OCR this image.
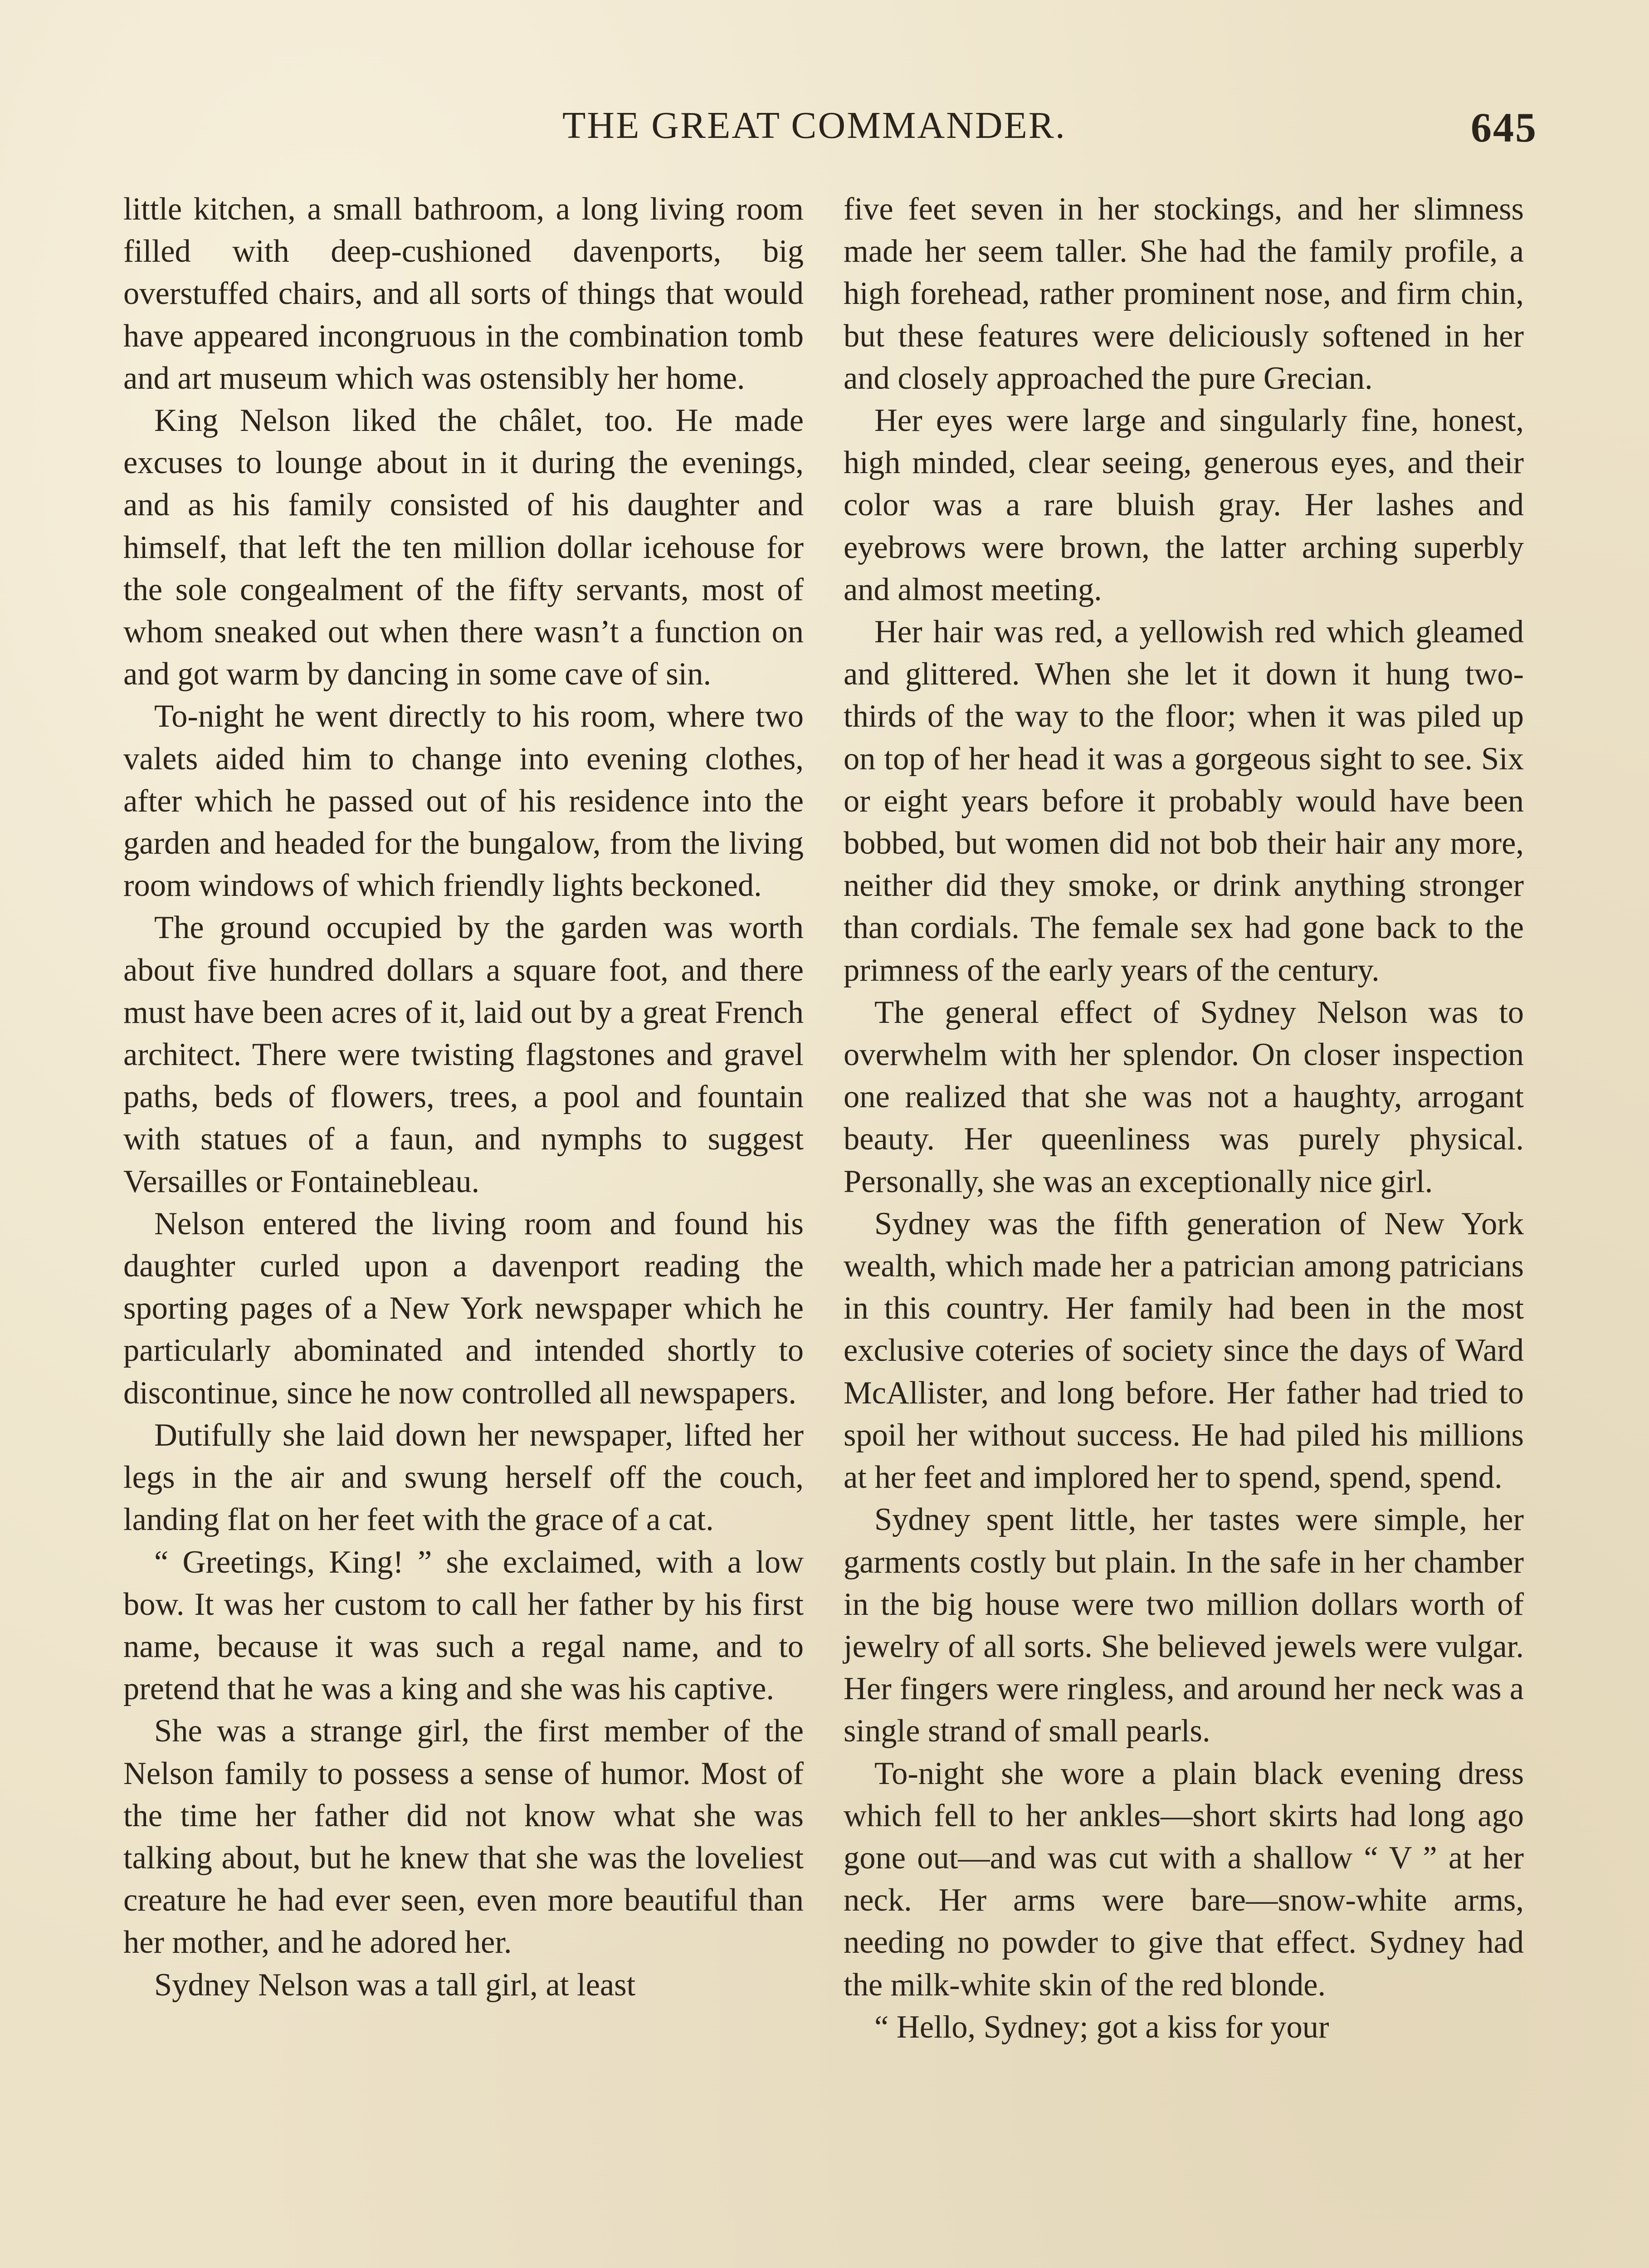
THE GREAT COMMANDER.	645

little kitchen, a small bathroom, a long living room filled with deep-cushioned davenports, big overstuffed chairs, and all sorts of things that would have appeared incongruous in the combination tomb and art museum which was ostensibly her home.

King Nelson liked the châlet, too. He made excuses to lounge about in it during the evenings, and as his family consisted of his daughter and himself, that left the ten million dollar icehouse for the sole congealment of the fifty servants, most of whom sneaked out when there wasn’t a function on and got warm by dancing in some cave of sin.

To-night he went directly to his room, where two valets aided him to change into evening clothes, after which he passed out of his residence into the garden and headed for the bungalow, from the living room windows of which friendly lights beckoned.

The ground occupied by the garden was worth about five hundred dollars a square foot, and there must have been acres of it, laid out by a great French architect. There were twisting flagstones and gravel paths, beds of flowers, trees, a pool and fountain with statues of a faun, and nymphs to suggest Versailles or Fontainebleau.

Nelson entered the living room and found his daughter curled upon a davenport reading the sporting pages of a New York newspaper which he particularly abominated and intended shortly to discontinue, since he now controlled all newspapers.

Dutifully she laid down her newspaper, lifted her legs in the air and swung herself off the couch, landing flat on her feet with the grace of a cat.

“ Greetings, King! ” she exclaimed, with a low bow. It was her custom to call her father by his first name, because it was such a regal name, and to pretend that he was a king and she was his captive.

She was a strange girl, the first member of the Nelson family to possess a sense of humor. Most of the time her father did not know what she was talking about, but he knew that she was the loveliest creature he had ever seen, even more beautiful than her mother, and he adored her.

Sydney Nelson was a tall girl, at least

five feet seven in her stockings, and her slimness made her seem taller. She had the family profile, a high forehead, rather prominent nose, and firm chin, but these features were deliciously softened in her and closely approached the pure Grecian.

Her eyes were large and singularly fine, honest, high minded, clear seeing, generous eyes, and their color was a rare bluish gray. Her lashes and eyebrows were brown, the latter arching superbly and almost meeting.

Her hair was red, a yellowish red which gleamed and glittered. When she let it down it hung two-thirds of the way to the floor; when it was piled up on top of her head it was a gorgeous sight to see. Six or eight years before it probably would have been bobbed, but women did not bob their hair any more, neither did they smoke, or drink anything stronger than cordials. The female sex had gone back to the primness of the early years of the century.

The general effect of Sydney Nelson was to overwhelm with her splendor. On closer inspection one realized that she was not a haughty, arrogant beauty. Her queenliness was purely physical. Personally, she was an exceptionally nice girl.

Sydney was the fifth generation of New York wealth, which made her a patrician among patricians in this country. Her family had been in the most exclusive coteries of society since the days of Ward McAllister, and long before. Her father had tried to spoil her without success. He had piled his millions at her feet and implored her to spend, spend, spend.

Sydney spent little, her tastes were simple, her garments costly but plain. In the safe in her chamber in the big house were two million dollars worth of jewelry of all sorts. She believed jewels were vulgar. Her fingers were ringless, and around her neck was a single strand of small pearls.

To-night she wore a plain black evening dress which fell to her ankles—short skirts had long ago gone out—and was cut with a shallow “ V ” at her neck. Her arms were bare—snow-white arms, needing no powder to give that effect. Sydney had the milk-white skin of the red blonde.

“ Hello, Sydney; got a kiss for your
